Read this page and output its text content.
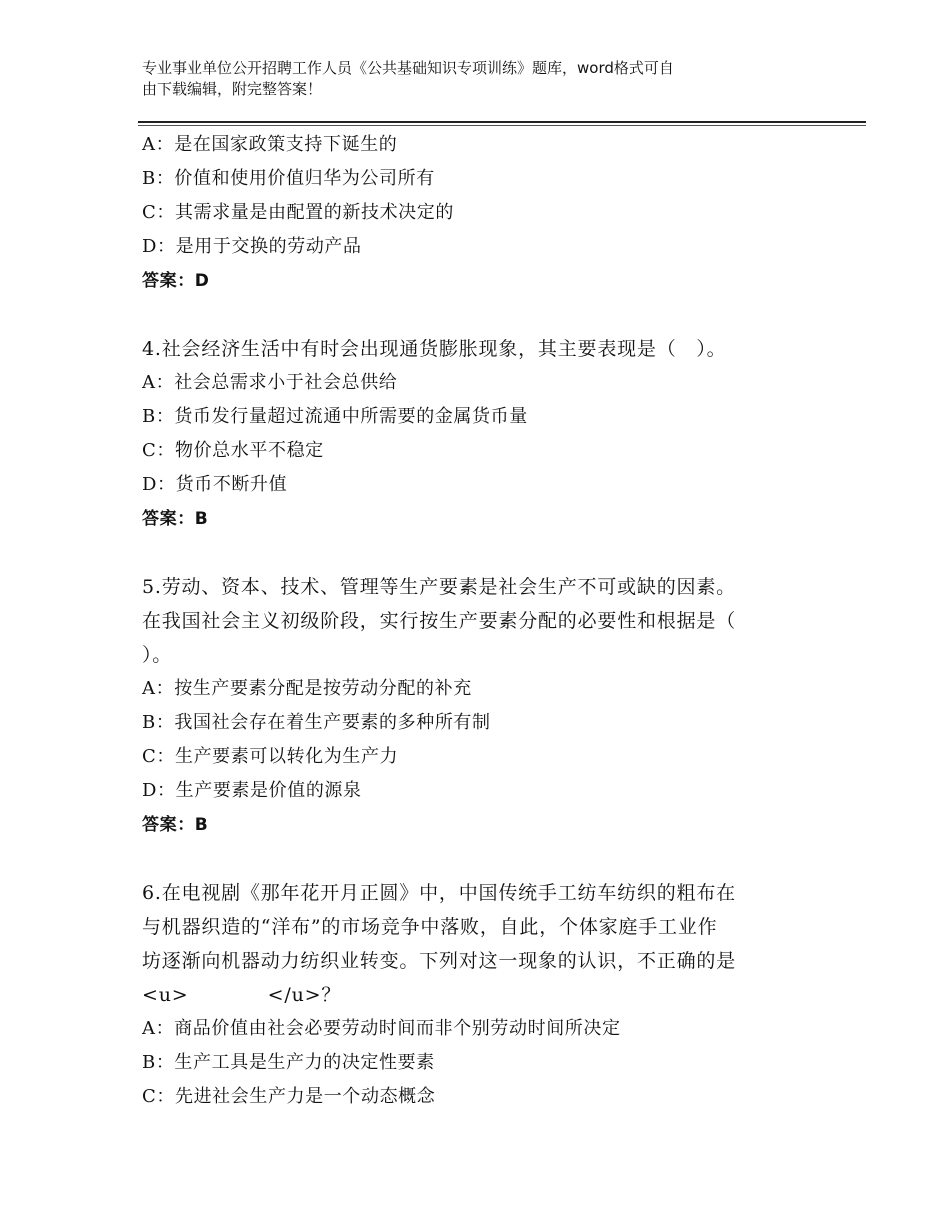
专业事业单位公开招聘工作人员《公共基础知识专项训练》题库，word格式可自
由下载编辑，附完整答案！
A：是在国家政策支持下诞生的
B：价值和使用价值归华为公司所有
C：其需求量是由配置的新技术决定的
D：是用于交换的劳动产品
答案：D
4.社会经济生活中有时会出现通货膨胀现象，其主要表现是（　）。
A：社会总需求小于社会总供给
B：货币发行量超过流通中所需要的金属货币量
C：物价总水平不稳定
D：货币不断升值
答案：B
5.劳动、资本、技术、管理等生产要素是社会生产不可或缺的因素。
在我国社会主义初级阶段，实行按生产要素分配的必要性和根据是（
）。
A：按生产要素分配是按劳动分配的补充
B：我国社会存在着生产要素的多种所有制
C：生产要素可以转化为生产力
D：生产要素是价值的源泉
答案：B
6.在电视剧《那年花开月正圆》中，中国传统手工纺车纺织的粗布在
与机器织造的“洋布”的市场竞争中落败，自此，个体家庭手工业作
坊逐渐向机器动力纺织业转变。下列对这一现象的认识，不正确的是
<u>　　　　</u>？
A：商品价值由社会必要劳动时间而非个别劳动时间所决定
B：生产工具是生产力的决定性要素
C：先进社会生产力是一个动态概念
